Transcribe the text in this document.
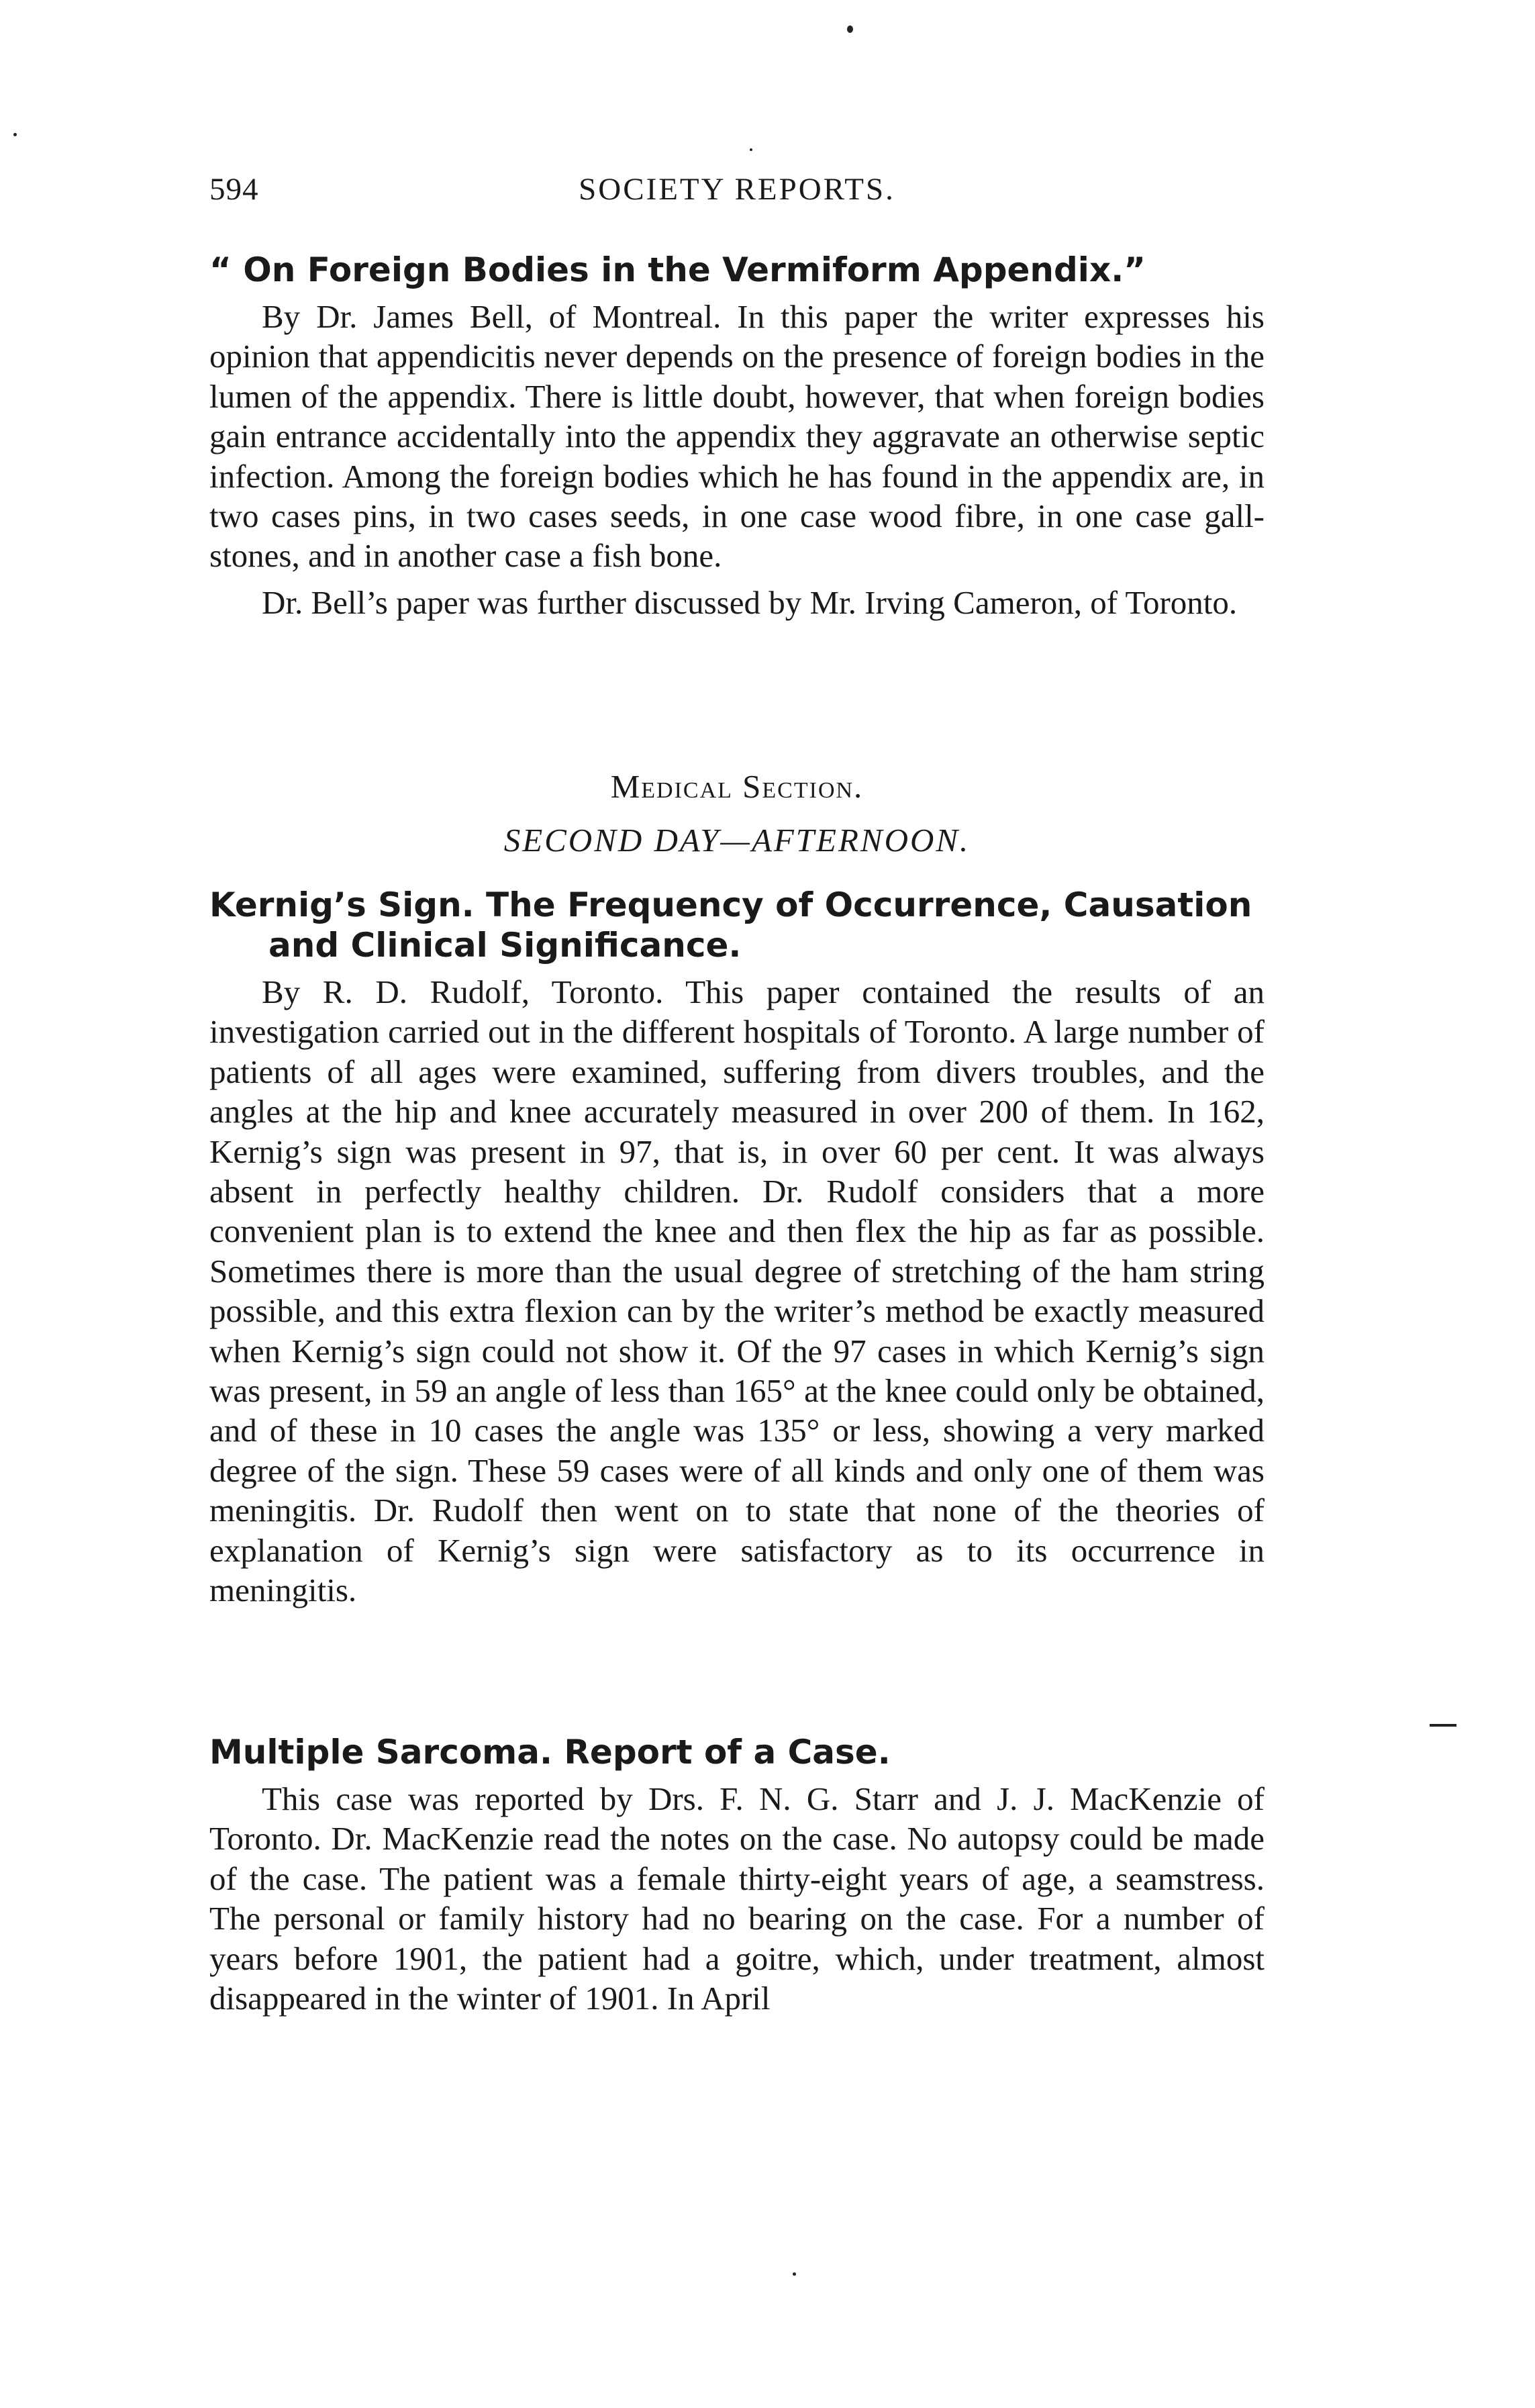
594	SOCIETY REPORTS.
“ On Foreign Bodies in the Vermiform Appendix.”

By Dr. James Bell, of Montreal. In this paper the writer expresses his opinion that appendicitis never depends on the presence of foreign bodies in the lumen of the appendix. There is little doubt, however, that when foreign bodies gain entrance accidentally into the appendix they aggravate an otherwise septic infection. Among the foreign bodies which he has found in the appendix are, in two cases pins, in two cases seeds, in one case wood fibre, in one case gall-stones, and in another case a fish bone.

Dr. Bell’s paper was further discussed by Mr. Irving Cameron, of Toronto.

Medical Section.

SECOND DAY—AFTERNOON.

Kernig’s Sign. The Frequency of Occurrence, Causation and Clinical Significance.

By R. D. Rudolf, Toronto. This paper contained the results of an investigation carried out in the different hospitals of Toronto. A large number of patients of all ages were examined, suffering from divers troubles, and the angles at the hip and knee accurately measured in over 200 of them. In 162, Kernig’s sign was present in 97, that is, in over 60 per cent. It was always absent in perfectly healthy children. Dr. Rudolf considers that a more convenient plan is to extend the knee and then flex the hip as far as possible. Sometimes there is more than the usual degree of stretching of the ham string possible, and this extra flexion can by the writer’s method be exactly measured when Kernig’s sign could not show it. Of the 97 cases in which Kernig’s sign was present, in 59 an angle of less than 165° at the knee could only be obtained, and of these in 10 cases the angle was 135° or less, showing a very marked degree of the sign. These 59 cases were of all kinds and only one of them was meningitis. Dr. Rudolf then went on to state that none of the theories of explanation of Kernig’s sign were satisfactory as to its occurrence in meningitis.

Multiple Sarcoma. Report of a Case.

This case was reported by Drs. F. N. G. Starr and J. J. MacKenzie of Toronto. Dr. MacKenzie read the notes on the case. No autopsy could be made of the case. The patient was a female thirty-eight years of age, a seamstress. The personal or family history had no bearing on the case. For a number of years before 1901, the patient had a goitre, which, under treatment, almost disappeared in the winter of 1901. In April
